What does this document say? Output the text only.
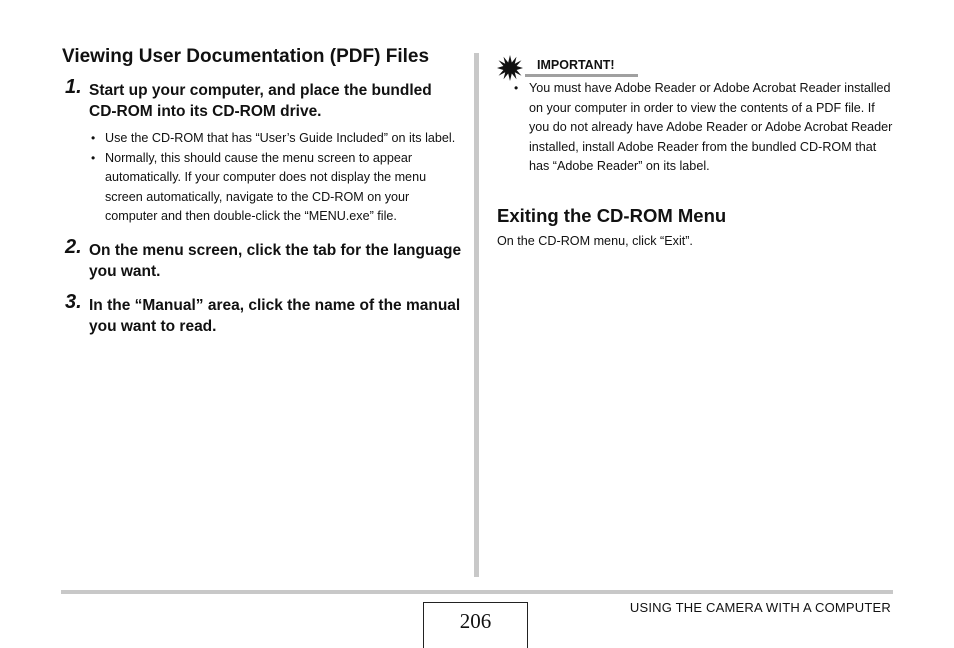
Viewing User Documentation (PDF) Files
1. Start up your computer, and place the bundled CD-ROM into its CD-ROM drive.
• Use the CD-ROM that has “User’s Guide Included” on its label.
• Normally, this should cause the menu screen to appear automatically. If your computer does not display the menu screen automatically, navigate to the CD-ROM on your computer and then double-click the “MENU.exe” file.
2. On the menu screen, click the tab for the language you want.
3. In the “Manual” area, click the name of the manual you want to read.
IMPORTANT!
• You must have Adobe Reader or Adobe Acrobat Reader installed on your computer in order to view the contents of a PDF file. If you do not already have Adobe Reader or Adobe Acrobat Reader installed, install Adobe Reader from the bundled CD-ROM that has “Adobe Reader” on its label.
Exiting the CD-ROM Menu
On the CD-ROM menu, click “Exit”.
206
USING THE CAMERA WITH A COMPUTER
